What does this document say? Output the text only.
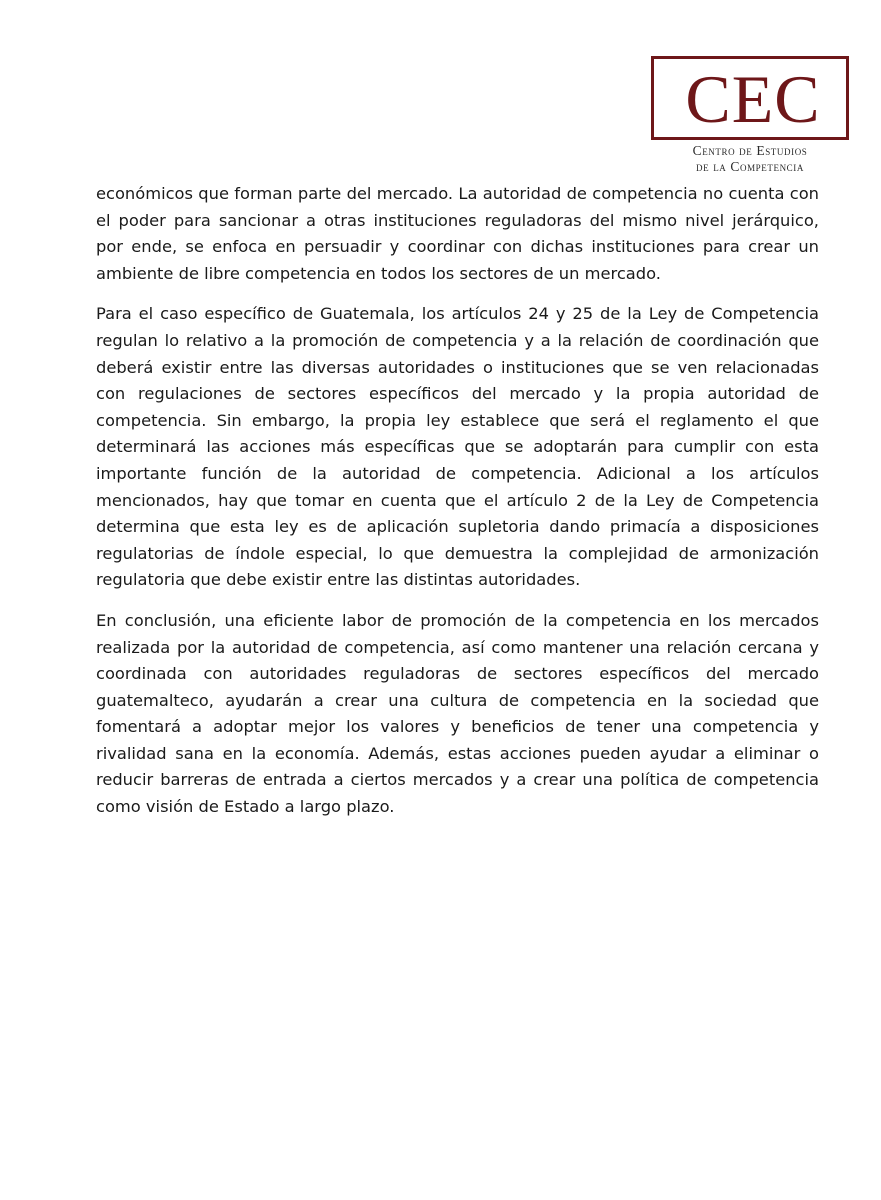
CEC
Centro de Estudios
de la Competencia

económicos que forman parte del mercado. La autoridad de competencia no cuenta con el poder para sancionar a otras instituciones reguladoras del mismo nivel jerárquico, por ende, se enfoca en persuadir y coordinar con dichas instituciones para crear un ambiente de libre competencia en todos los sectores de un mercado.

Para el caso específico de Guatemala, los artículos 24 y 25 de la Ley de Competencia regulan lo relativo a la promoción de competencia y a la relación de coordinación que deberá existir entre las diversas autoridades o instituciones que se ven relacionadas con regulaciones de sectores específicos del mercado y la propia autoridad de competencia. Sin embargo, la propia ley establece que será el reglamento el que determinará las acciones más específicas que se adoptarán para cumplir con esta importante función de la autoridad de competencia. Adicional a los artículos mencionados, hay que tomar en cuenta que el artículo 2 de la Ley de Competencia determina que esta ley es de aplicación supletoria dando primacía a disposiciones regulatorias de índole especial, lo que demuestra la complejidad de armonización regulatoria que debe existir entre las distintas autoridades.

En conclusión, una eficiente labor de promoción de la competencia en los mercados realizada por la autoridad de competencia, así como mantener una relación cercana y coordinada con autoridades reguladoras de sectores específicos del mercado guatemalteco, ayudarán a crear una cultura de competencia en la sociedad que fomentará a adoptar mejor los valores y beneficios de tener una competencia y rivalidad sana en la economía. Además, estas acciones pueden ayudar a eliminar o reducir barreras de entrada a ciertos mercados y a crear una política de competencia como visión de Estado a largo plazo.
